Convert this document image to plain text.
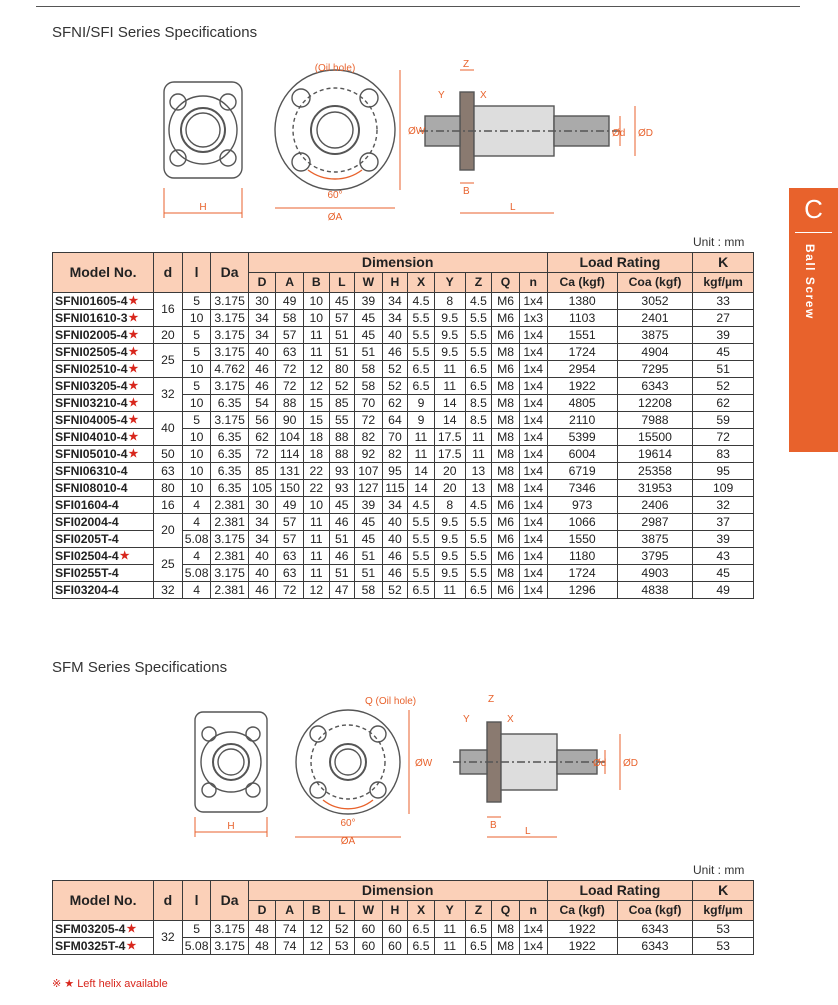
SFNI/SFI Series Specifications
(Oil hole)
H
60°
ØA
ØW
Z
Y	X
B
L
Ød ØD
Unit : mm
Model No.	d	l	Da	Dimension											Load Rating		K
				D	A	B	L	W	H	X	Y	Z	Q	n	Ca (kgf)	Coa (kgf)	kgf/µm
SFNI01605-4★	16	5	3.175	30	49	10	45	39	34	4.5	8	4.5	M6	1x4	1380	3052	33
SFNI01610-3★		10	3.175	34	58	10	57	45	34	5.5	9.5	5.5	M6	1x3	1103	2401	27
SFNI02005-4★	20	5	3.175	34	57	11	51	45	40	5.5	9.5	5.5	M6	1x4	1551	3875	39
SFNI02505-4★	25	5	3.175	40	63	11	51	51	46	5.5	9.5	5.5	M8	1x4	1724	4904	45
SFNI02510-4★		10	4.762	46	72	12	80	58	52	6.5	11	6.5	M6	1x4	2954	7295	51
SFNI03205-4★	32	5	3.175	46	72	12	52	58	52	6.5	11	6.5	M8	1x4	1922	6343	52
SFNI03210-4★		10	6.35	54	88	15	85	70	62	9	14	8.5	M8	1x4	4805	12208	62
SFNI04005-4★	40	5	3.175	56	90	15	55	72	64	9	14	8.5	M8	1x4	2110	7988	59
SFNI04010-4★		10	6.35	62	104	18	88	82	70	11	17.5	11	M8	1x4	5399	15500	72
SFNI05010-4★	50	10	6.35	72	114	18	88	92	82	11	17.5	11	M8	1x4	6004	19614	83
SFNI06310-4	63	10	6.35	85	131	22	93	107	95	14	20	13	M8	1x4	6719	25358	95
SFNI08010-4	80	10	6.35	105	150	22	93	127	115	14	20	13	M8	1x4	7346	31953	109
SFI01604-4	16	4	2.381	30	49	10	45	39	34	4.5	8	4.5	M6	1x4	973	2406	32
SFI02004-4	20	4	2.381	34	57	11	46	45	40	5.5	9.5	5.5	M6	1x4	1066	2987	37
SFI0205T-4		5.08	3.175	34	57	11	51	45	40	5.5	9.5	5.5	M6	1x4	1550	3875	39
SFI02504-4★	25	4	2.381	40	63	11	46	51	46	5.5	9.5	5.5	M6	1x4	1180	3795	43
SFI0255T-4		5.08	3.175	40	63	11	51	51	46	5.5	9.5	5.5	M8	1x4	1724	4903	45
SFI03204-4	32	4	2.381	46	72	12	47	58	52	6.5	11	6.5	M6	1x4	1296	4838	49
SFM Series Specifications
Q (Oil hole)
H	60°
ØA
ØW
Z
Y	X
B
L
Ød ØD
Unit : mm
Model No.	d	l	Da	Dimension											Load Rating		K
				D	A	B	L	W	H	X	Y	Z	Q	n	Ca (kgf)	Coa (kgf)	kgf/µm
SFM03205-4★	32	5	3.175	48	74	12	52	60	60	6.5	11	6.5	M8	1x4	1922	6343	53
SFM0325T-4★		5.08	3.175	48	74	12	53	60	60	6.5	11	6.5	M8	1x4	1922	6343	53
C
Ball Screw
※ ★ Left helix available
